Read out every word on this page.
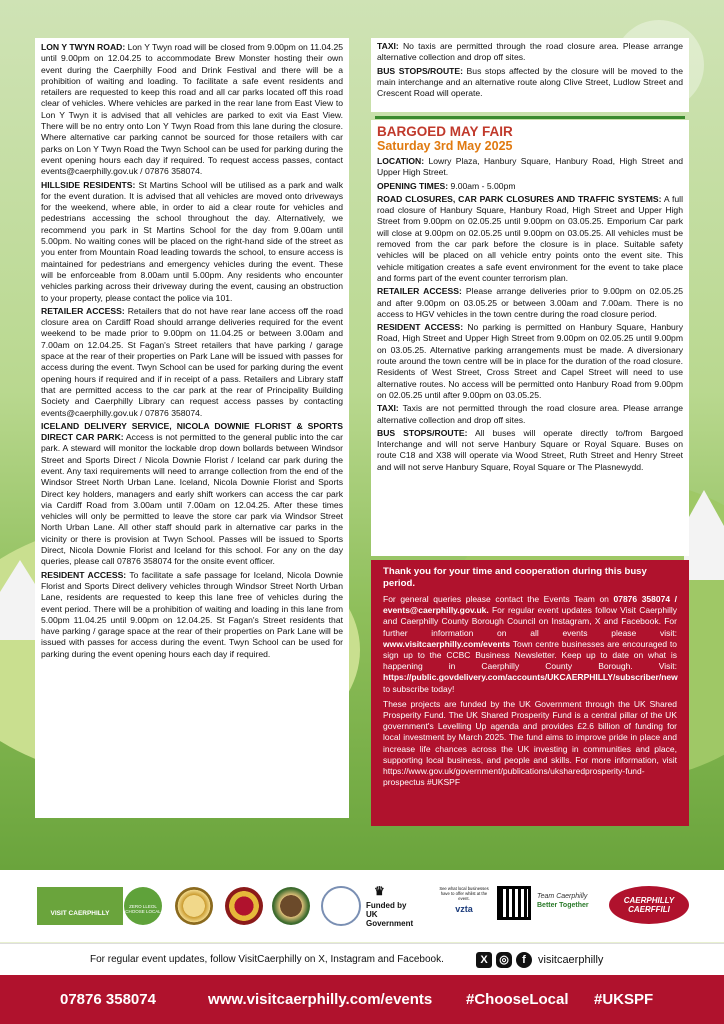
LON Y TWYN ROAD: Lon Y Twyn road will be closed from 9.00pm on 11.04.25 until 9.00pm on 12.04.25 to accommodate Brew Monster hosting their own event during the Caerphilly Food and Drink Festival and there will be a prohibition of waiting and loading. To facilitate a safe event residents and retailers are requested to keep this road and all car parks located off this road clear of vehicles. Where vehicles are parked in the rear lane from East View to Lon Y Twyn it is advised that all vehicles are parked to exit via East View. There will be no entry onto Lon Y Twyn Road from this lane during the closure. Where alternative car parking cannot be sourced for those retailers with car parks on Lon Y Twyn Road the Twyn School can be used for parking during the event opening hours each day if required. To request access passes, contact events@caerphilly.gov.uk / 07876 358074.

HILLSIDE RESIDENTS: St Martins School will be utilised as a park and walk for the event duration. It is advised that all vehicles are moved onto driveways for the weekend, where able, in order to aid a clear route for vehicles and pedestrians accessing the school throughout the day. Alternatively, we recommend you park in St Martins School for the day from 9.00am until 5.00pm. No waiting cones will be placed on the right-hand side of the street as you enter from Mountain Road leading towards the school, to ensure access is maintained for pedestrians and emergency vehicles during the event. These will be enforceable from 8.00am until 5.00pm. Any residents who encounter vehicles parking across their driveway during the event, causing an obstruction to your property, please contact the police via 101.

RETAILER ACCESS: Retailers that do not have rear lane access off the road closure area on Cardiff Road should arrange deliveries required for the event weekend to be made prior to 9.00pm on 11.04.25 or between 3.00am and 7.00am on 12.04.25. St Fagan's Street retailers that have parking / garage space at the rear of their properties on Park Lane will be issued with passes for access during the event. Twyn School can be used for parking during the event opening hours if required and if in receipt of a pass. Retailers and Library staff that are permitted access to the car park at the rear of Principality Building Society and Caerphilly Library can request access passes by contacting events@caerphilly.gov.uk / 07876 358074.

ICELAND DELIVERY SERVICE, NICOLA DOWNIE FLORIST & SPORTS DIRECT CAR PARK: Access is not permitted to the general public into the car park. A steward will monitor the lockable drop down bollards between Windsor Street and Sports Direct / Nicola Downie Florist / Iceland car park during the event. Any taxi requirements will need to arrange collection from the end of the Windsor Street North Urban Lane. Iceland, Nicola Downie Florist and Sports Direct key holders, managers and early shift workers can access the car park via Cardiff Road from 3.00am until 7.00am on 12.04.25. After these times vehicles will only be permitted to leave the store car park via Windsor Street North Urban Lane. All other staff should park in alternative car parks in the vicinity or there is provision at Twyn School. Passes will be issued to Sports Direct, Nicola Downie Florist and Iceland for this school. For any on the day queries, please call 07876 358074 for the onsite event officer.

RESIDENT ACCESS: To facilitate a safe passage for Iceland, Nicola Downie Florist and Sports Direct delivery vehicles through Windsor Street North Urban Lane, residents are requested to keep this lane free of vehicles during the event period. There will be a prohibition of waiting and loading in this lane from 5.00pm 11.04.25 until 9.00pm on 12.04.25. St Fagan's Street residents that have parking / garage space at the rear of their properties on Park Lane will be issued with passes for access during the event. Twyn School can be used for parking during the event opening hours each day if required.

TAXI: No taxis are permitted through the road closure area. Please arrange alternative collection and drop off sites.

BUS STOPS/ROUTE: Bus stops affected by the closure will be moved to the main interchange and an alternative route along Clive Street, Ludlow Street and Crescent Road will operate.

BARGOED MAY FAIR
Saturday 3rd May 2025

LOCATION: Lowry Plaza, Hanbury Square, Hanbury Road, High Street and Upper High Street.

OPENING TIMES: 9.00am - 5.00pm

ROAD CLOSURES, CAR PARK CLOSURES AND TRAFFIC SYSTEMS: A full road closure of Hanbury Square, Hanbury Road, High Street and Upper High Street from 9.00pm on 02.05.25 until 9.00pm on 03.05.25. Emporium Car park will close at 9.00pm on 02.05.25 until 9.00pm on 03.05.25. All vehicles must be removed from the car park before the closure is in place. Suitable safety vehicles will be placed on all vehicle entry points onto the event site. This vehicle mitigation creates a safe event environment for the event to take place and forms part of the event counter terrorism plan.

RETAILER ACCESS: Please arrange deliveries prior to 9.00pm on 02.05.25 and after 9.00pm on 03.05.25 or between 3.00am and 7.00am. There is no access to HGV vehicles in the town centre during the road closure period.

RESIDENT ACCESS: No parking is permitted on Hanbury Square, Hanbury Road, High Street and Upper High Street from 9.00pm on 02.05.25 until 9.00pm on 03.05.25. Alternative parking arrangements must be made. A diversionary route around the town centre will be in place for the duration of the road closure. Residents of West Street, Cross Street and Capel Street will need to use alternative routes. No access will be permitted onto Hanbury Road from 9.00pm on 02.05.25 until after 9.00pm on 03.05.25.

TAXI: Taxis are not permitted through the road closure area. Please arrange alternative collection and drop off sites.

BUS STOPS/ROUTE: All buses will operate directly to/from Bargoed Interchange and will not serve Hanbury Square or Royal Square. Buses on route C18 and X38 will operate via Wood Street, Ruth Street and Henry Street and will not serve Hanbury Square, Royal Square or The Plasnewydd.

Thank you for your time and cooperation during this busy period.

For general queries please contact the Events Team on 07876 358074 / events@caerphilly.gov.uk. For regular event updates follow Visit Caerphilly and Caerphilly County Borough Council on Instagram, X and Facebook. For further information on all events please visit: www.visitcaerphilly.com/events Town centre businesses are encouraged to sign up to the CCBC Business Newsletter. Keep up to date on what is happening in Caerphilly County Borough. Visit: https://public.govdelivery.com/accounts/UKCAERPHILLY/subscriber/new to subscribe today!

These projects are funded by the UK Government through the UK Shared Prosperity Fund. The UK Shared Prosperity Fund is a central pillar of the UK government's Levelling Up agenda and provides £2.6 billion of funding for local investment by March 2025. The fund aims to improve pride in place and increase life chances across the UK investing in communities and place, supporting local business, and people and skills. For more information, visit https://www.gov.uk/government/publications/uksharedprosperity-fund-prospectus #UKSPF

VISIT CAERPHILLY
ZERO LLEOL CHOOSE LOCAL
♛
Funded by
UK Government
See what local businesses have to offer whilst at the event.
vzta
Team Caerphilly
Better Together
CAERPHILLY
CAERFFILI
For regular event updates, follow VisitCaerphilly on X, Instagram and Facebook.	X	◎	f	visitcaerphilly
07876 358074	www.visitcaerphilly.com/events #ChooseLocal #UKSPF
